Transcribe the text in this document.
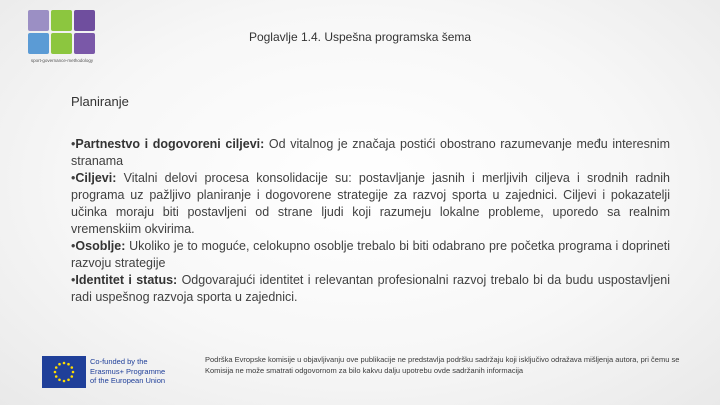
sport-governance-methodology
Poglavlje 1.4. Uspešna programska šema
Planiranje

•Partnestvo i dogovoreni ciljevi: Od vitalnog je značaja postići obostrano razumevanje među interesnim stranama

•Ciljevi: Vitalni delovi procesa konsolidacije su: postavljanje jasnih i merljivih ciljeva i srodnih radnih programa uz pažljivo planiranje i dogovorene strategije za razvoj sporta u zajednici. Ciljevi i pokazatelji učinka moraju biti postavljeni od strane ljudi koji razumeju lokalne probleme, uporedo sa realnim vremenskiim okvirima.

•Osoblje: Ukoliko je to moguće, celokupno osoblje trebalo bi biti odabrano pre početka programa i doprineti razvoju strategije

•Identitet i status: Odgovarajući identitet i relevantan profesionalni razvoj trebalo bi da budu uspostavljeni radi uspešnog razvoja sporta u zajednici.

Co-funded by the
Erasmus+ Programme
of the European Union
Podrška Evropske komisije u objavljivanju ove publikacije ne predstavlja podršku sadržaju koji isključivo odražava mišljenja autora, pri čemu se Komisija ne može smatrati odgovornom za bilo kakvu dalju upotrebu ovde sadržanih informacija
